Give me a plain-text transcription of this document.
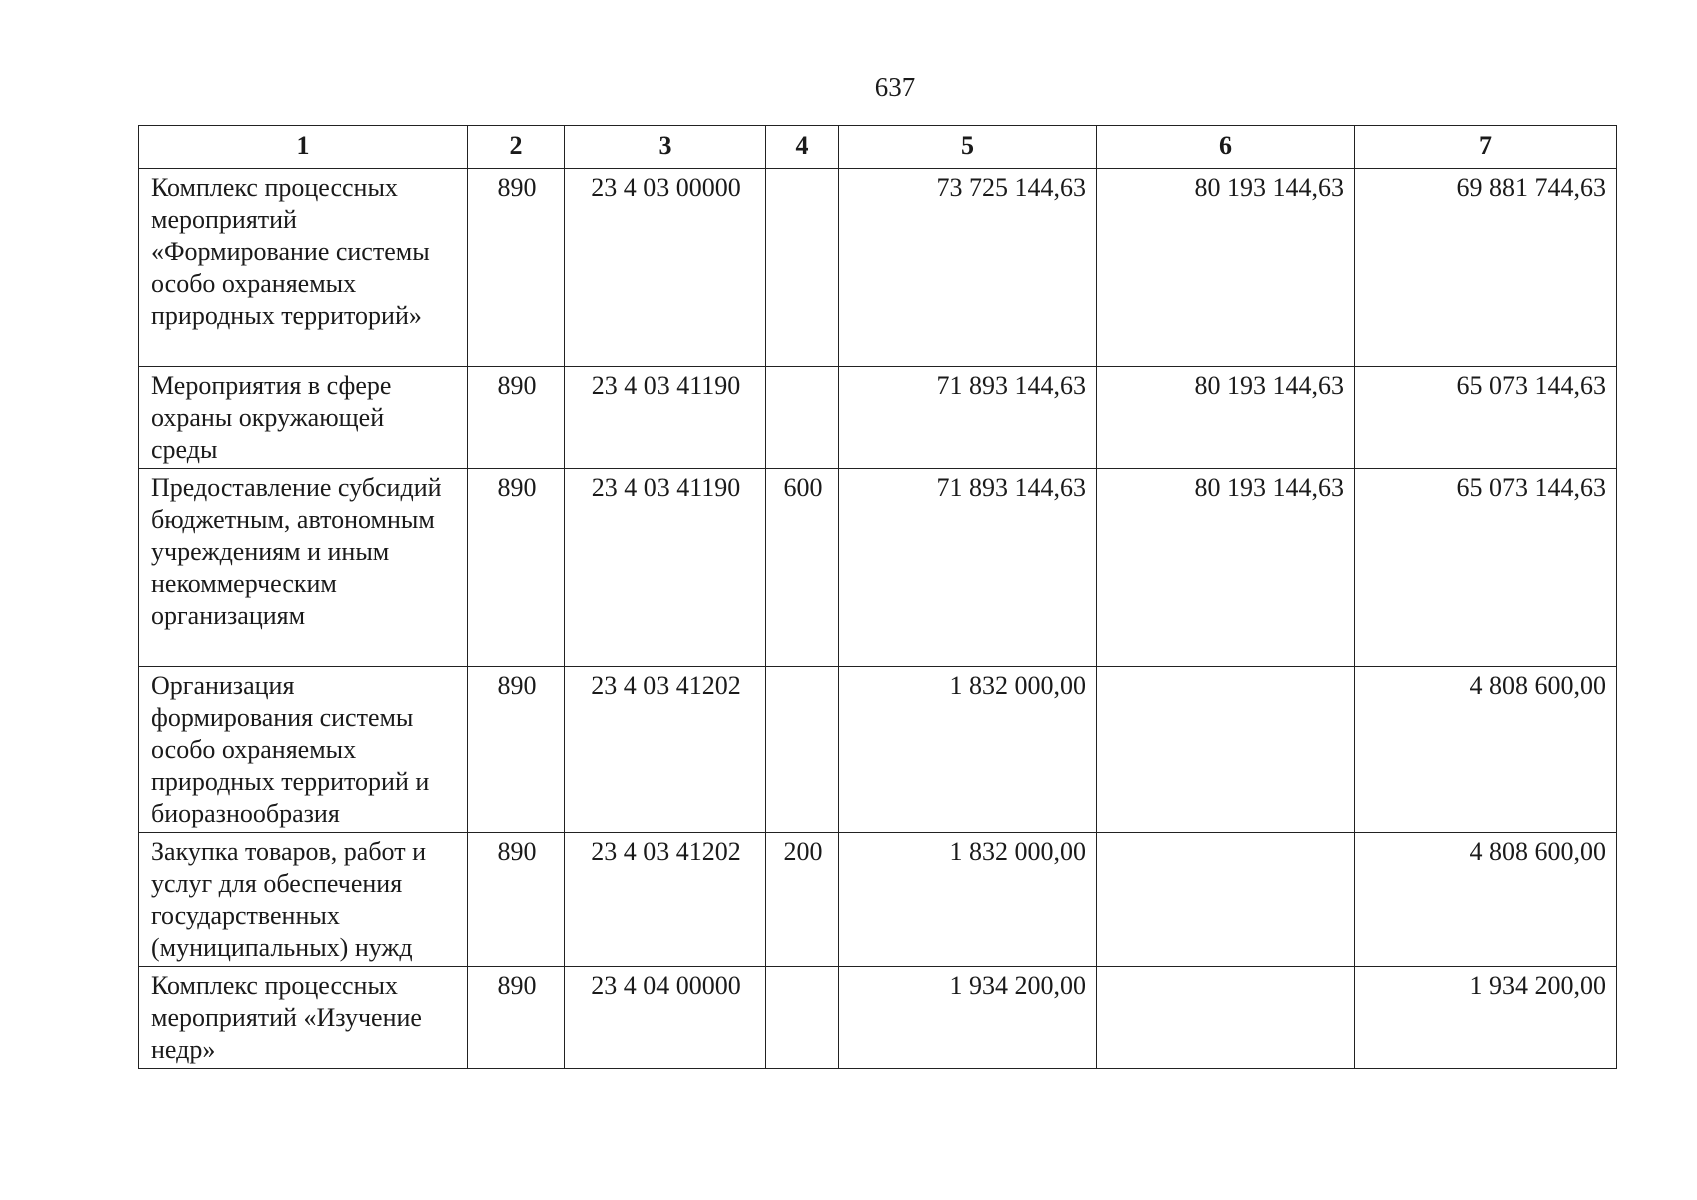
637
1	2	3	4	5	6	7
Комплекс процессных мероприятий «Формирование системы особо охраняемых природных территорий»	890	23 4 03 00000		73 725 144,63	80 193 144,63	69 881 744,63
Мероприятия в сфере охраны окружающей среды	890	23 4 03 41190		71 893 144,63	80 193 144,63	65 073 144,63
Предоставление субсидий бюджетным, автономным учреждениям и иным некоммерческим организациям	890	23 4 03 41190	600	71 893 144,63	80 193 144,63	65 073 144,63
Организация формирования системы особо охраняемых природных территорий и биоразнообразия	890	23 4 03 41202		1 832 000,00		4 808 600,00
Закупка товаров, работ и услуг для обеспечения государственных (муниципальных) нужд	890	23 4 03 41202	200	1 832 000,00		4 808 600,00
Комплекс процессных мероприятий «Изучение недр»	890	23 4 04 00000		1 934 200,00		1 934 200,00
